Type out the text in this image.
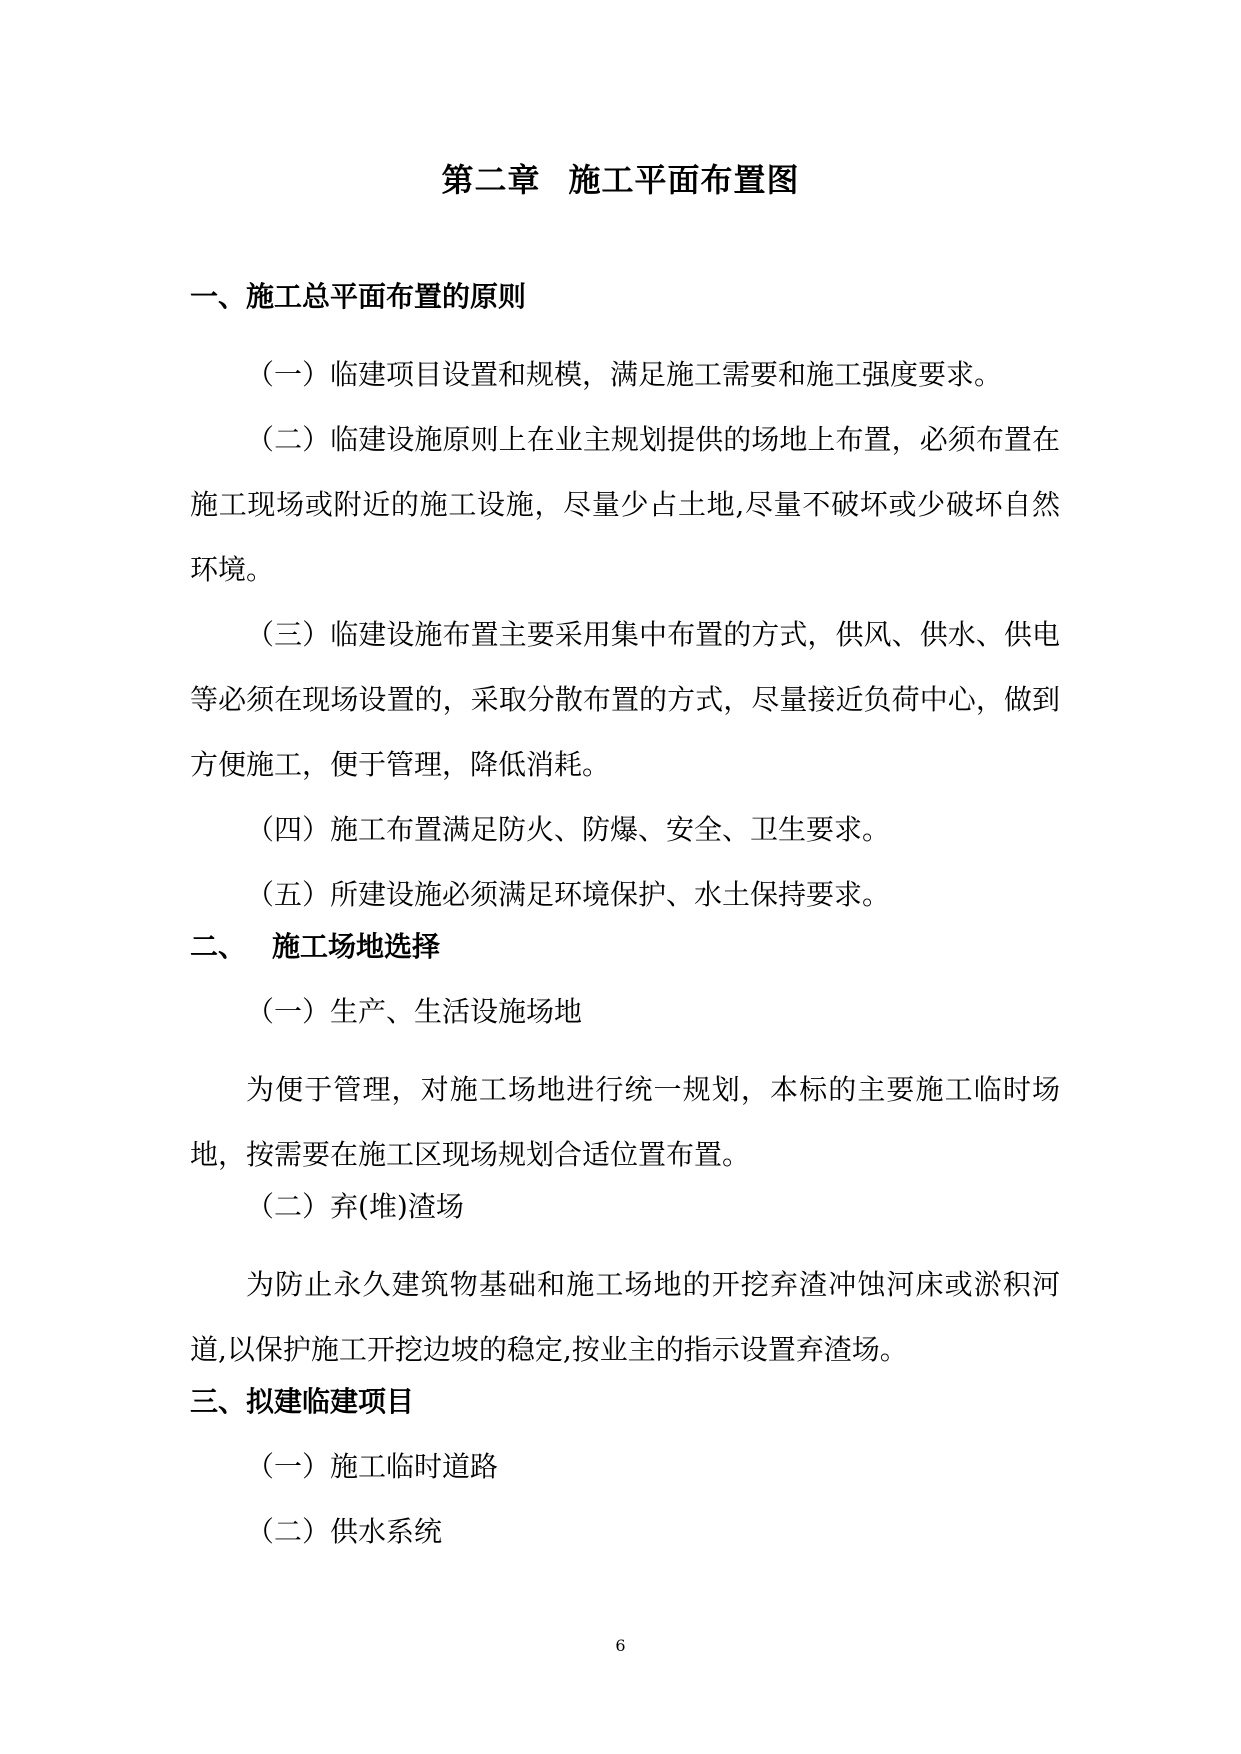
第二章 施工平面布置图

一、施工总平面布置的原则

（一）临建项目设置和规模，满足施工需要和施工强度要求。

（二）临建设施原则上在业主规划提供的场地上布置，必须布置在施工现场或附近的施工设施，尽量少占土地,尽量不破坏或少破坏自然环境。

（三）临建设施布置主要采用集中布置的方式，供风、供水、供电等必须在现场设置的，采取分散布置的方式，尽量接近负荷中心，做到方便施工，便于管理，降低消耗。

（四）施工布置满足防火、防爆、安全、卫生要求。

（五）所建设施必须满足环境保护、水土保持要求。

二、 施工场地选择

（一）生产、生活设施场地

为便于管理，对施工场地进行统一规划，本标的主要施工临时场地，按需要在施工区现场规划合适位置布置。

（二）弃(堆)渣场

为防止永久建筑物基础和施工场地的开挖弃渣冲蚀河床或淤积河道,以保护施工开挖边坡的稳定,按业主的指示设置弃渣场。

三、拟建临建项目

（一）施工临时道路

（二）供水系统

6
